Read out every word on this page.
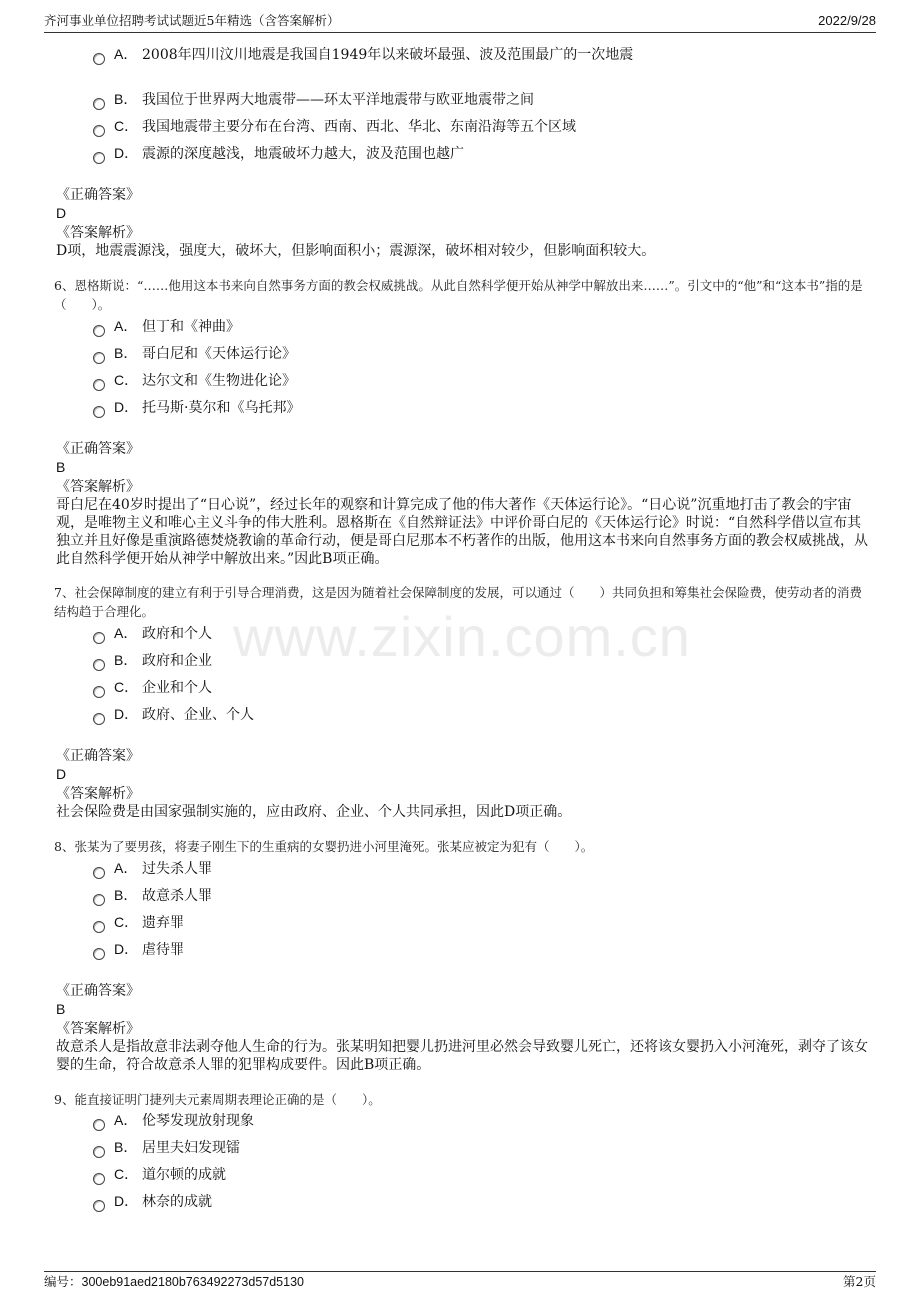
齐河事业单位招聘考试试题近5年精选（含答案解析）	2022/9/28
www.zixin.com.cn
A． 2008年四川汶川地震是我国自1949年以来破坏最强、波及范围最广的一次地震
B． 我国位于世界两大地震带——环太平洋地震带与欧亚地震带之间
C． 我国地震带主要分布在台湾、西南、西北、华北、东南沿海等五个区域
D． 震源的深度越浅，地震破坏力越大，波及范围也越广
《正确答案》
D
《答案解析》
D项，地震震源浅，强度大，破坏大，但影响面积小；震源深，破坏相对较少，但影响面积较大。
6、恩格斯说：“……他用这本书来向自然事务方面的教会权威挑战。从此自然科学便开始从神学中解放出来……”。引文中的“他”和“这本书”指的是（　　）。
A． 但丁和《神曲》
B． 哥白尼和《天体运行论》
C． 达尔文和《生物进化论》
D． 托马斯·莫尔和《乌托邦》
《正确答案》
B
《答案解析》
哥白尼在40岁时提出了“日心说”，经过长年的观察和计算完成了他的伟大著作《天体运行论》。“日心说”沉重地打击了教会的宇宙观，是唯物主义和唯心主义斗争的伟大胜利。恩格斯在《自然辩证法》中评价哥白尼的《天体运行论》时说：“自然科学借以宣布其独立并且好像是重演路德焚烧教谕的革命行动，便是哥白尼那本不朽著作的出版，他用这本书来向自然事务方面的教会权威挑战，从此自然科学便开始从神学中解放出来。”因此B项正确。
7、社会保障制度的建立有利于引导合理消费，这是因为随着社会保障制度的发展，可以通过（　　）共同负担和筹集社会保险费，使劳动者的消费结构趋于合理化。
A． 政府和个人
B． 政府和企业
C． 企业和个人
D． 政府、企业、个人
《正确答案》
D
《答案解析》
社会保险费是由国家强制实施的，应由政府、企业、个人共同承担，因此D项正确。
8、张某为了要男孩，将妻子刚生下的生重病的女婴扔进小河里淹死。张某应被定为犯有（　　）。
A． 过失杀人罪
B． 故意杀人罪
C． 遗弃罪
D． 虐待罪
《正确答案》
B
《答案解析》
故意杀人是指故意非法剥夺他人生命的行为。张某明知把婴儿扔进河里必然会导致婴儿死亡，还将该女婴扔入小河淹死，剥夺了该女婴的生命，符合故意杀人罪的犯罪构成要件。因此B项正确。
9、能直接证明门捷列夫元素周期表理论正确的是（　　）。
A． 伦琴发现放射现象
B． 居里夫妇发现镭
C． 道尔顿的成就
D． 林奈的成就
编号：300eb91aed2180b763492273d57d5130	第2页
